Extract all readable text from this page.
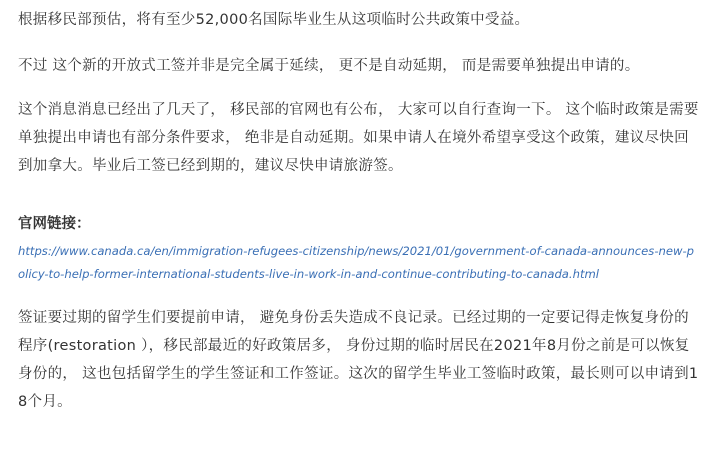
根据移民部预估，将有至少52,000名国际毕业生从这项临时公共政策中受益。

不过 这个新的开放式工签并非是完全属于延续， 更不是自动延期， 而是需要单独提出申请的。

这个消息消息已经出了几天了， 移民部的官网也有公布， 大家可以自行查询一下。 这个临时政策是需要单独提出申请也有部分条件要求， 绝非是自动延期。如果申请人在境外希望享受这个政策，建议尽快回到加拿大。毕业后工签已经到期的，建议尽快申请旅游签。

官网链接：

https://www.canada.ca/en/immigration-refugees-citizenship/news/2021/01/government-of-canada-announces-new-policy-to-help-former-international-students-live-in-work-in-and-continue-contributing-to-canada.html

签证要过期的留学生们要提前申请， 避免身份丢失造成不良记录。已经过期的一定要记得走恢复身份的程序(restoration ），移民部最近的好政策居多， 身份过期的临时居民在2021年8月份之前是可以恢复身份的， 这也包括留学生的学生签证和工作签证。这次的留学生毕业工签临时政策，最长则可以申请到18个月。
